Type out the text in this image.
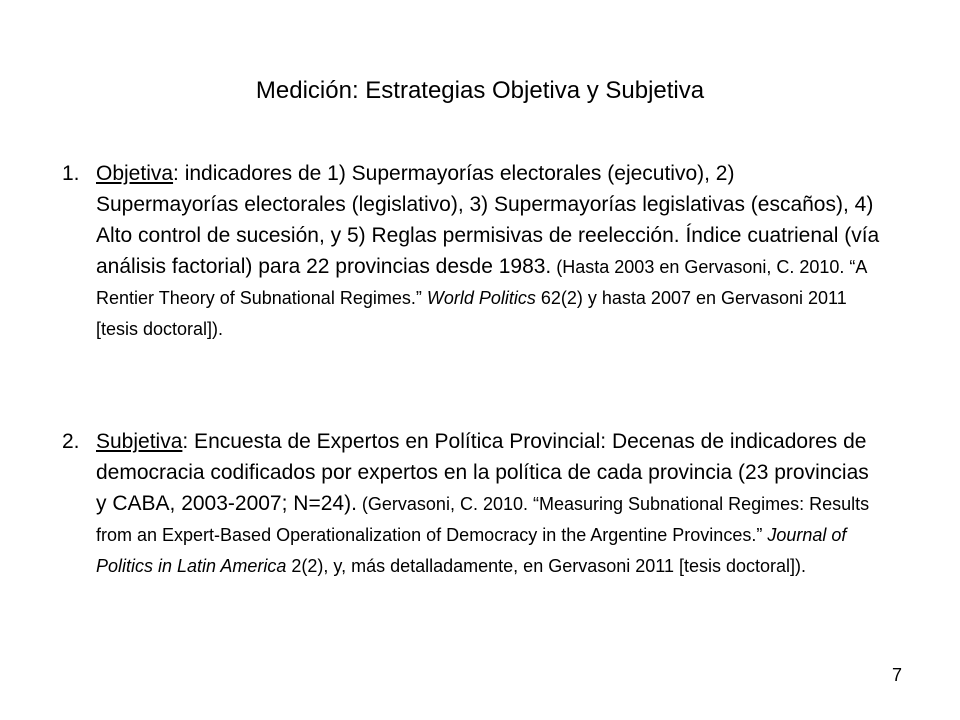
Medición: Estrategias Objetiva y Subjetiva
1. Objetiva: indicadores de 1) Supermayorías electorales (ejecutivo), 2) Supermayorías electorales (legislativo), 3) Supermayorías legislativas (escaños), 4) Alto control de sucesión, y 5) Reglas permisivas de reelección. Índice cuatrienal (vía análisis factorial) para 22 provincias desde 1983. (Hasta 2003 en Gervasoni, C. 2010. “A Rentier Theory of Subnational Regimes.” World Politics 62(2) y hasta 2007 en Gervasoni 2011 [tesis doctoral]).
2. Subjetiva: Encuesta de Expertos en Política Provincial: Decenas de indicadores de democracia codificados por expertos en la política de cada provincia (23 provincias y CABA, 2003-2007; N=24). (Gervasoni, C. 2010. “Measuring Subnational Regimes: Results from an Expert-Based Operationalization of Democracy in the Argentine Provinces.” Journal of Politics in Latin America 2(2), y, más detalladamente, en Gervasoni 2011 [tesis doctoral]).
7
